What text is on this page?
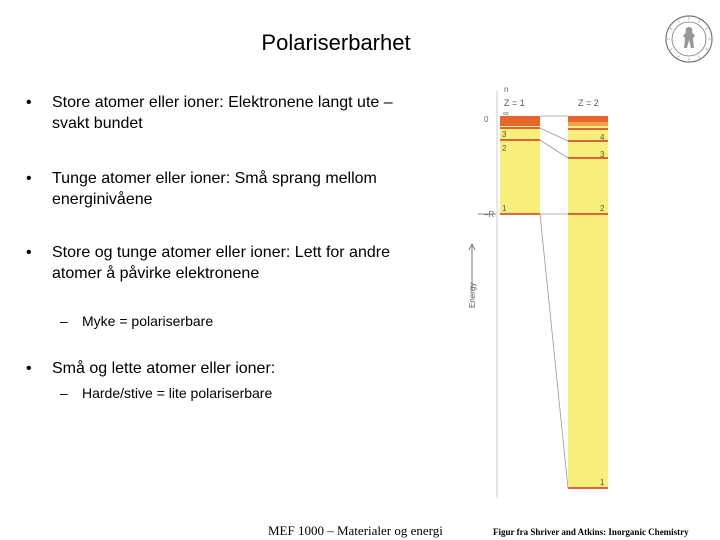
Polariserbarhet
•	Store atomer eller ioner: Elektronene langt ute – svakt bundet
•	Tunge atomer eller ioner: Små sprang mellom energinivåene
•	Store og tunge atomer eller ioner: Lett for andre atomer å påvirke elektronene
– Myke = polariserbare
•	Små og lette atomer eller ioner:
– Harde/stive = lite polariserbare
n
Z = 1	Z = 2
∞
0
–R
3
2
1
4
3
2
1
Energy
MEF 1000 – Materialer og energi	Figur fra Shriver and Atkins: Inorganic Chemistry
